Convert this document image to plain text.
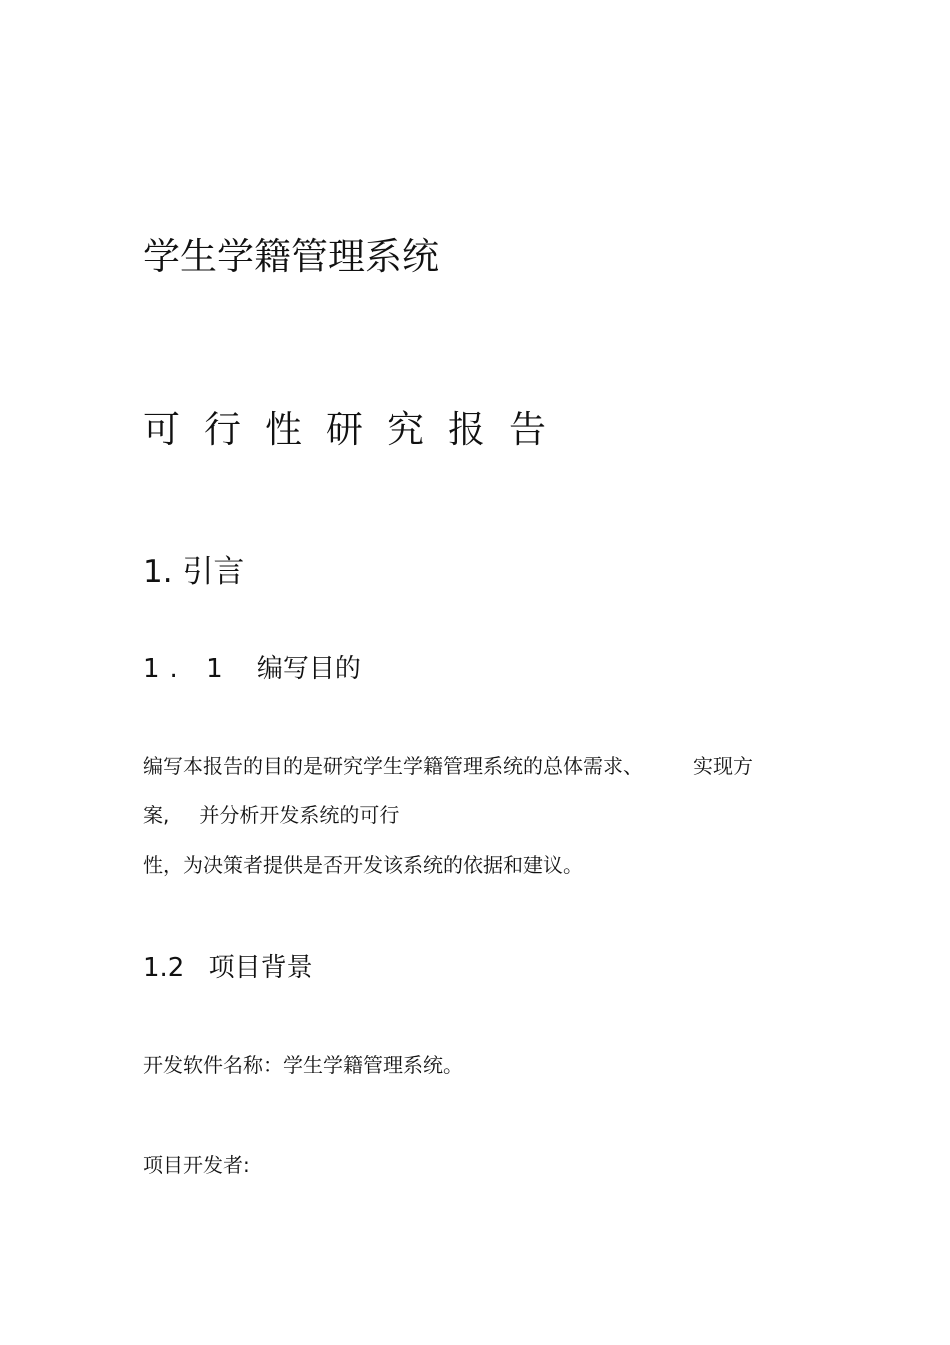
学生学籍管理系统
可行性研究报告
1. 引言
1. 1 编写目的
编写本报告的目的是研究学生学籍管理系统的总体需求、	实现方
案, 并分析开发系统的可行
性，为决策者提供是否开发该系统的依据和建议。
1.2 项目背景
开发软件名称：学生学籍管理系统。
项目开发者:
